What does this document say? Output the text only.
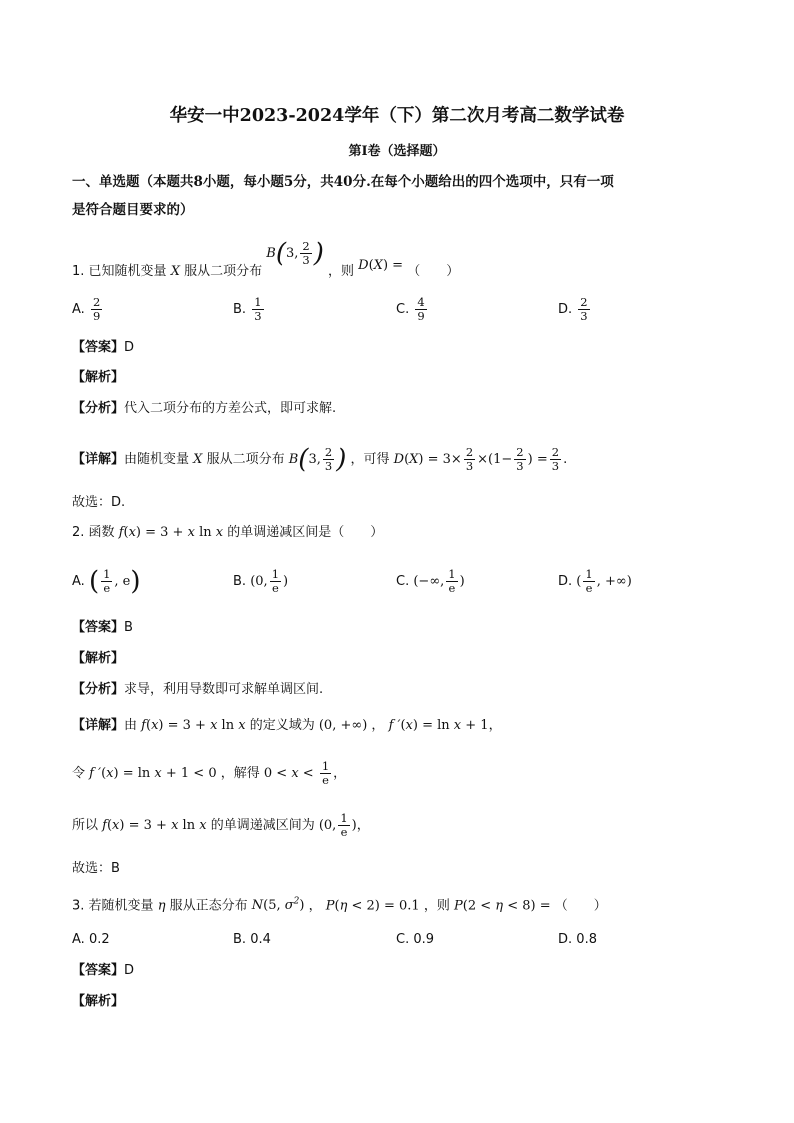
华安一中2023-2024学年（下）第二次月考高二数学试卷
第I卷（选择题）
一、单选题（本题共8小题，每小题5分，共40分.在每个小题给出的四个选项中，只有一项
是符合题目要求的）
1. 已知随机变量 X 服从二项分布 B(3, $\frac{2}{3}$ ) ，则 D(X) = （　　）
A. $\frac{2}{9}$	B. $\frac{1}{3}$	C. $\frac{4}{9}$	D. $\frac{2}{3}$
【答案】D
【解析】
【分析】代入二项分布的方差公式，即可求解.
【详解】由随机变量 X 服从二项分布 B(3, $\frac{2}{3}$ ) ，可得 $D(X) = 3\times \frac{2}{3} \times(1- \frac{2}{3}$ ) = $\frac{2}{3}$ .
故选：D.
2. 函数 f(x) = 3 + x ln x 的单调递减区间是（　　）
A. ( $\frac{1}{e}$ , e)	B. (0, $\frac{1}{e}$ )	C. (−∞, $\frac{1}{e}$ )	D. ( $\frac{1}{e}$ , +∞)
【答案】B
【解析】
【分析】求导，利用导数即可求解单调区间.
【详解】由 f(x) = 3 + x ln x 的定义域为 (0, +∞) ， f ′(x) = ln x + 1，
令 f ′(x) = ln x + 1 < 0 ，解得 $0 < x < \frac{1}{e}$ ，
所以 f(x) = 3 + x ln x 的单调递减区间为 (0, $\frac{1}{e}$ )，
故选：B
3. 若随机变量 η 服从正态分布 N(5, $\sigma^2$) ， P(η < 2) = 0.1 ，则 P(2 < η < 8) = （　　）
A. 0.2	B. 0.4	C. 0.9	D. 0.8
【答案】D
【解析】
